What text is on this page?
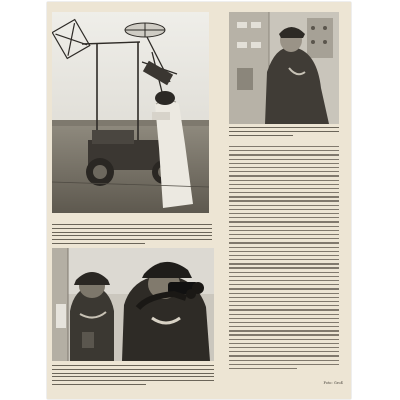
Foto: Groß
